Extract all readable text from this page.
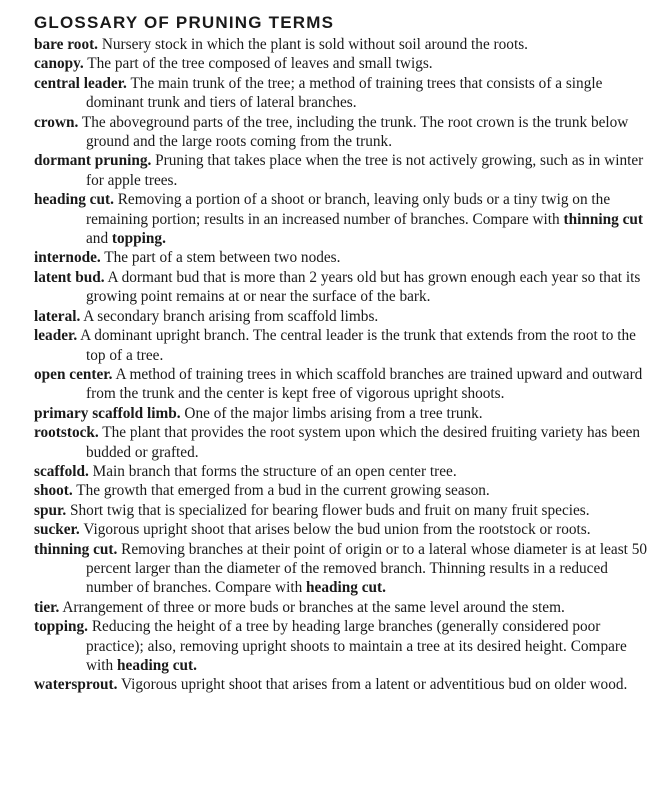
GLOSSARY OF PRUNING TERMS

bare root. Nursery stock in which the plant is sold without soil around the roots.

canopy. The part of the tree composed of leaves and small twigs.

central leader. The main trunk of the tree; a method of training trees that consists of a single dominant trunk and tiers of lateral branches.

crown. The aboveground parts of the tree, including the trunk. The root crown is the trunk below ground and the large roots coming from the trunk.

dormant pruning. Pruning that takes place when the tree is not actively growing, such as in winter for apple trees.

heading cut. Removing a portion of a shoot or branch, leaving only buds or a tiny twig on the remaining portion; results in an increased number of branches. Compare with thinning cut and topping.

internode. The part of a stem between two nodes.

latent bud. A dormant bud that is more than 2 years old but has grown enough each year so that its growing point remains at or near the surface of the bark.

lateral. A secondary branch arising from scaffold limbs.

leader. A dominant upright branch. The central leader is the trunk that extends from the root to the top of a tree.

open center. A method of training trees in which scaffold branches are trained upward and outward from the trunk and the center is kept free of vigorous upright shoots.

primary scaffold limb. One of the major limbs arising from a tree trunk.

rootstock. The plant that provides the root system upon which the desired fruiting variety has been budded or grafted.

scaffold. Main branch that forms the structure of an open center tree.

shoot. The growth that emerged from a bud in the current growing season.

spur. Short twig that is specialized for bearing flower buds and fruit on many fruit species.

sucker. Vigorous upright shoot that arises below the bud union from the rootstock or roots.

thinning cut. Removing branches at their point of origin or to a lateral whose diameter is at least 50 percent larger than the diameter of the removed branch. Thinning results in a reduced number of branches. Compare with heading cut.

tier. Arrangement of three or more buds or branches at the same level around the stem.

topping. Reducing the height of a tree by heading large branches (generally considered poor practice); also, removing upright shoots to maintain a tree at its desired height. Compare with heading cut.

watersprout. Vigorous upright shoot that arises from a latent or adventitious bud on older wood.
